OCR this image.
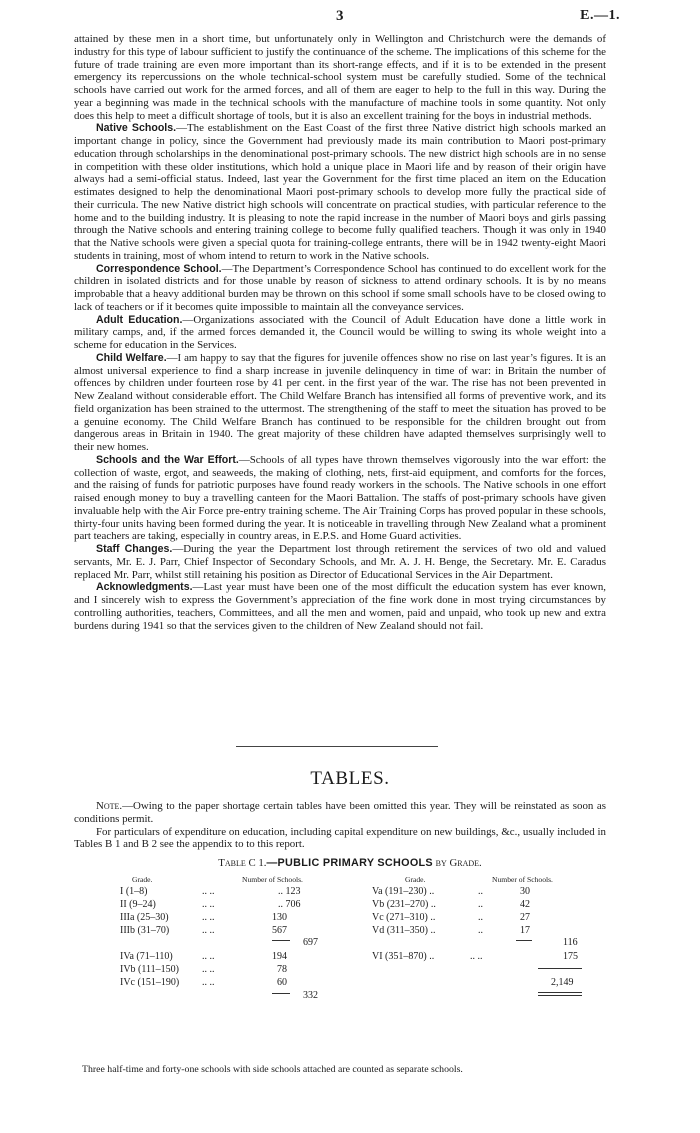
3	E.—1.

attained by these men in a short time, but unfortunately only in Wellington and Christchurch were the demands of industry for this type of labour sufficient to justify the continuance of the scheme. The implications of this scheme for the future of trade training are even more important than its short-range effects, and if it is to be extended in the present emergency its repercussions on the whole technical-school system must be carefully studied. Some of the technical schools have carried out work for the armed forces, and all of them are eager to help to the full in this way. During the year a beginning was made in the technical schools with the manufacture of machine tools in some quantity. Not only does this help to meet a difficult shortage of tools, but it is also an excellent training for the boys in industrial methods.

Native Schools.—The establishment on the East Coast of the first three Native district high schools marked an important change in policy, since the Government had previously made its main contribution to Maori post-primary education through scholarships in the denominational post-primary schools. The new district high schools are in no sense in competition with these older institutions, which hold a unique place in Maori life and by reason of their origin have always had a semi-official status. Indeed, last year the Government for the first time placed an item on the Education estimates designed to help the denominational Maori post-primary schools to develop more fully the practical side of their curricula. The new Native district high schools will concentrate on practical studies, with particular reference to the home and to the building industry. It is pleasing to note the rapid increase in the number of Maori boys and girls passing through the Native schools and entering training college to become fully qualified teachers. Though it was only in 1940 that the Native schools were given a special quota for training-college entrants, there will be in 1942 twenty-eight Maori students in training, most of whom intend to return to work in the Native schools.

Correspondence School.—The Department’s Correspondence School has continued to do excellent work for the children in isolated districts and for those unable by reason of sickness to attend ordinary schools. It is by no means improbable that a heavy additional burden may be thrown on this school if some small schools have to be closed owing to lack of teachers or if it becomes quite impossible to maintain all the conveyance services.

Adult Education.—Organizations associated with the Council of Adult Education have done a little work in military camps, and, if the armed forces demanded it, the Council would be willing to swing its whole weight into a scheme for education in the Services.

Child Welfare.—I am happy to say that the figures for juvenile offences show no rise on last year’s figures. It is an almost universal experience to find a sharp increase in juvenile delinquency in time of war: in Britain the number of offences by children under fourteen rose by 41 per cent. in the first year of the war. The rise has not been prevented in New Zealand without considerable effort. The Child Welfare Branch has intensified all forms of preventive work, and its field organization has been strained to the uttermost. The strengthening of the staff to meet the situation has proved to be a genuine economy. The Child Welfare Branch has continued to be responsible for the children brought out from dangerous areas in Britain in 1940. The great majority of these children have adapted themselves surprisingly well to their new homes.

Schools and the War Effort.—Schools of all types have thrown themselves vigorously into the war effort: the collection of waste, ergot, and seaweeds, the making of clothing, nets, first-aid equipment, and comforts for the forces, and the raising of funds for patriotic purposes have found ready workers in the schools. The Native schools in one effort raised enough money to buy a travelling canteen for the Maori Battalion. The staffs of post-primary schools have given invaluable help with the Air Force pre-entry training scheme. The Air Training Corps has proved popular in these schools, thirty-four units having been formed during the year. It is noticeable in travelling through New Zealand what a prominent part teachers are taking, especially in country areas, in E.P.S. and Home Guard activities.

Staff Changes.—During the year the Department lost through retirement the services of two old and valued servants, Mr. E. J. Parr, Chief Inspector of Secondary Schools, and Mr. A. J. H. Benge, the Secretary. Mr. E. Caradus replaced Mr. Parr, whilst still retaining his position as Director of Educational Services in the Air Department.

Acknowledgments.—Last year must have been one of the most difficult the education system has ever known, and I sincerely wish to express the Government’s appreciation of the fine work done in most trying circumstances by controlling authorities, teachers, Committees, and all the men and women, paid and unpaid, who took up new and extra burdens during 1941 so that the services given to the children of New Zealand should not fail.

TABLES.

Note.—Owing to the paper shortage certain tables have been omitted this year. They will be reinstated as soon as conditions permit.

For particulars of expenditure on education, including capital expenditure on new buildings, &c., usually included in Tables B 1 and B 2 see the appendix to to this report.

Table C 1.—PUBLIC PRIMARY SCHOOLS by Grade.
Grade.	Number of Schools.	Grade.	Number of Schools.
I (1–8)	.. ..	.. 123
II (9–24)	.. ..	.. 706
IIIa (25–30)	.. ..	130
IIIb (31–70)	.. ..	567
697
IVa (71–110)	.. ..	194
IVb (111–150) .. ..	78
IVc (151–190) .. ..	60
332
Va (191–230) ..	..	30
Vb (231–270) ..	..	42
Vc (271–310) ..	..	27
Vd (311–350) ..	..	17
116
VI (351–870) ..	.. ..	175
2,149
Three half-time and forty-one schools with side schools attached are counted as separate schools.
